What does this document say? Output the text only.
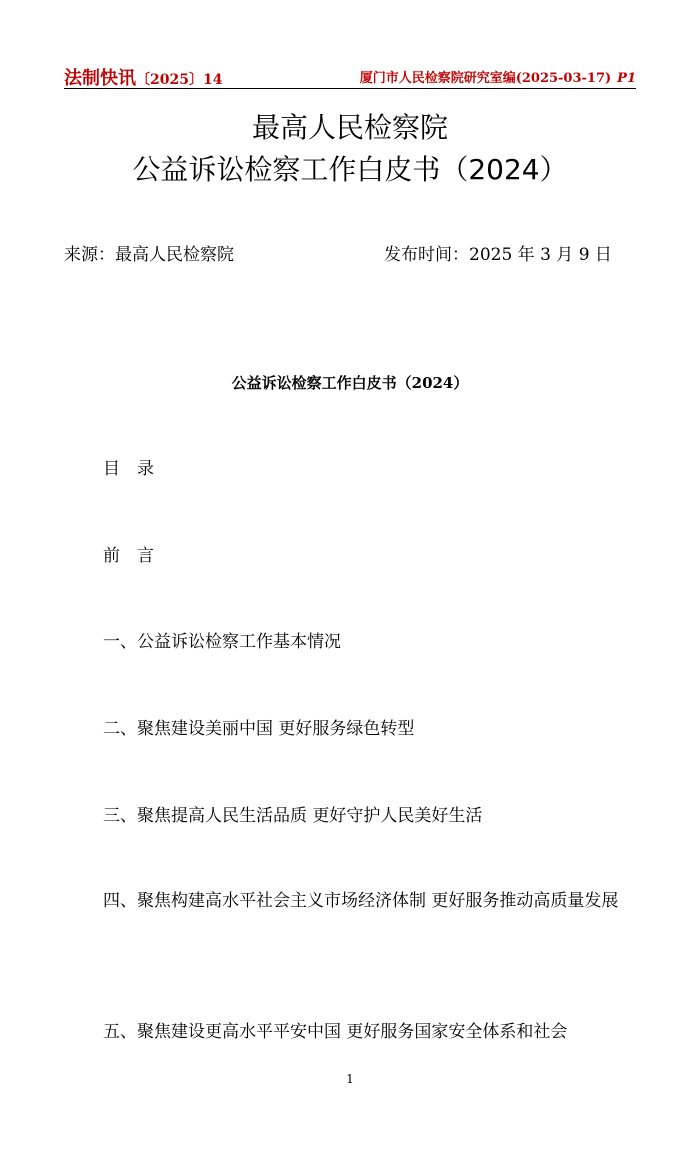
法制快讯〔2025〕14	厦门市人民检察院研究室编(2025-03-17) P1
最高人民检察院
公益诉讼检察工作白皮书（2024）
来源：最高人民检察院	发布时间：2025 年 3 月 9 日
公益诉讼检察工作白皮书（2024）

目　录

前　言

一、公益诉讼检察工作基本情况

二、聚焦建设美丽中国 更好服务绿色转型

三、聚焦提高人民生活品质 更好守护人民美好生活

四、聚焦构建高水平社会主义市场经济体制 更好服务推动高质量发展

五、聚焦建设更高水平平安中国 更好服务国家安全体系和社会

1
